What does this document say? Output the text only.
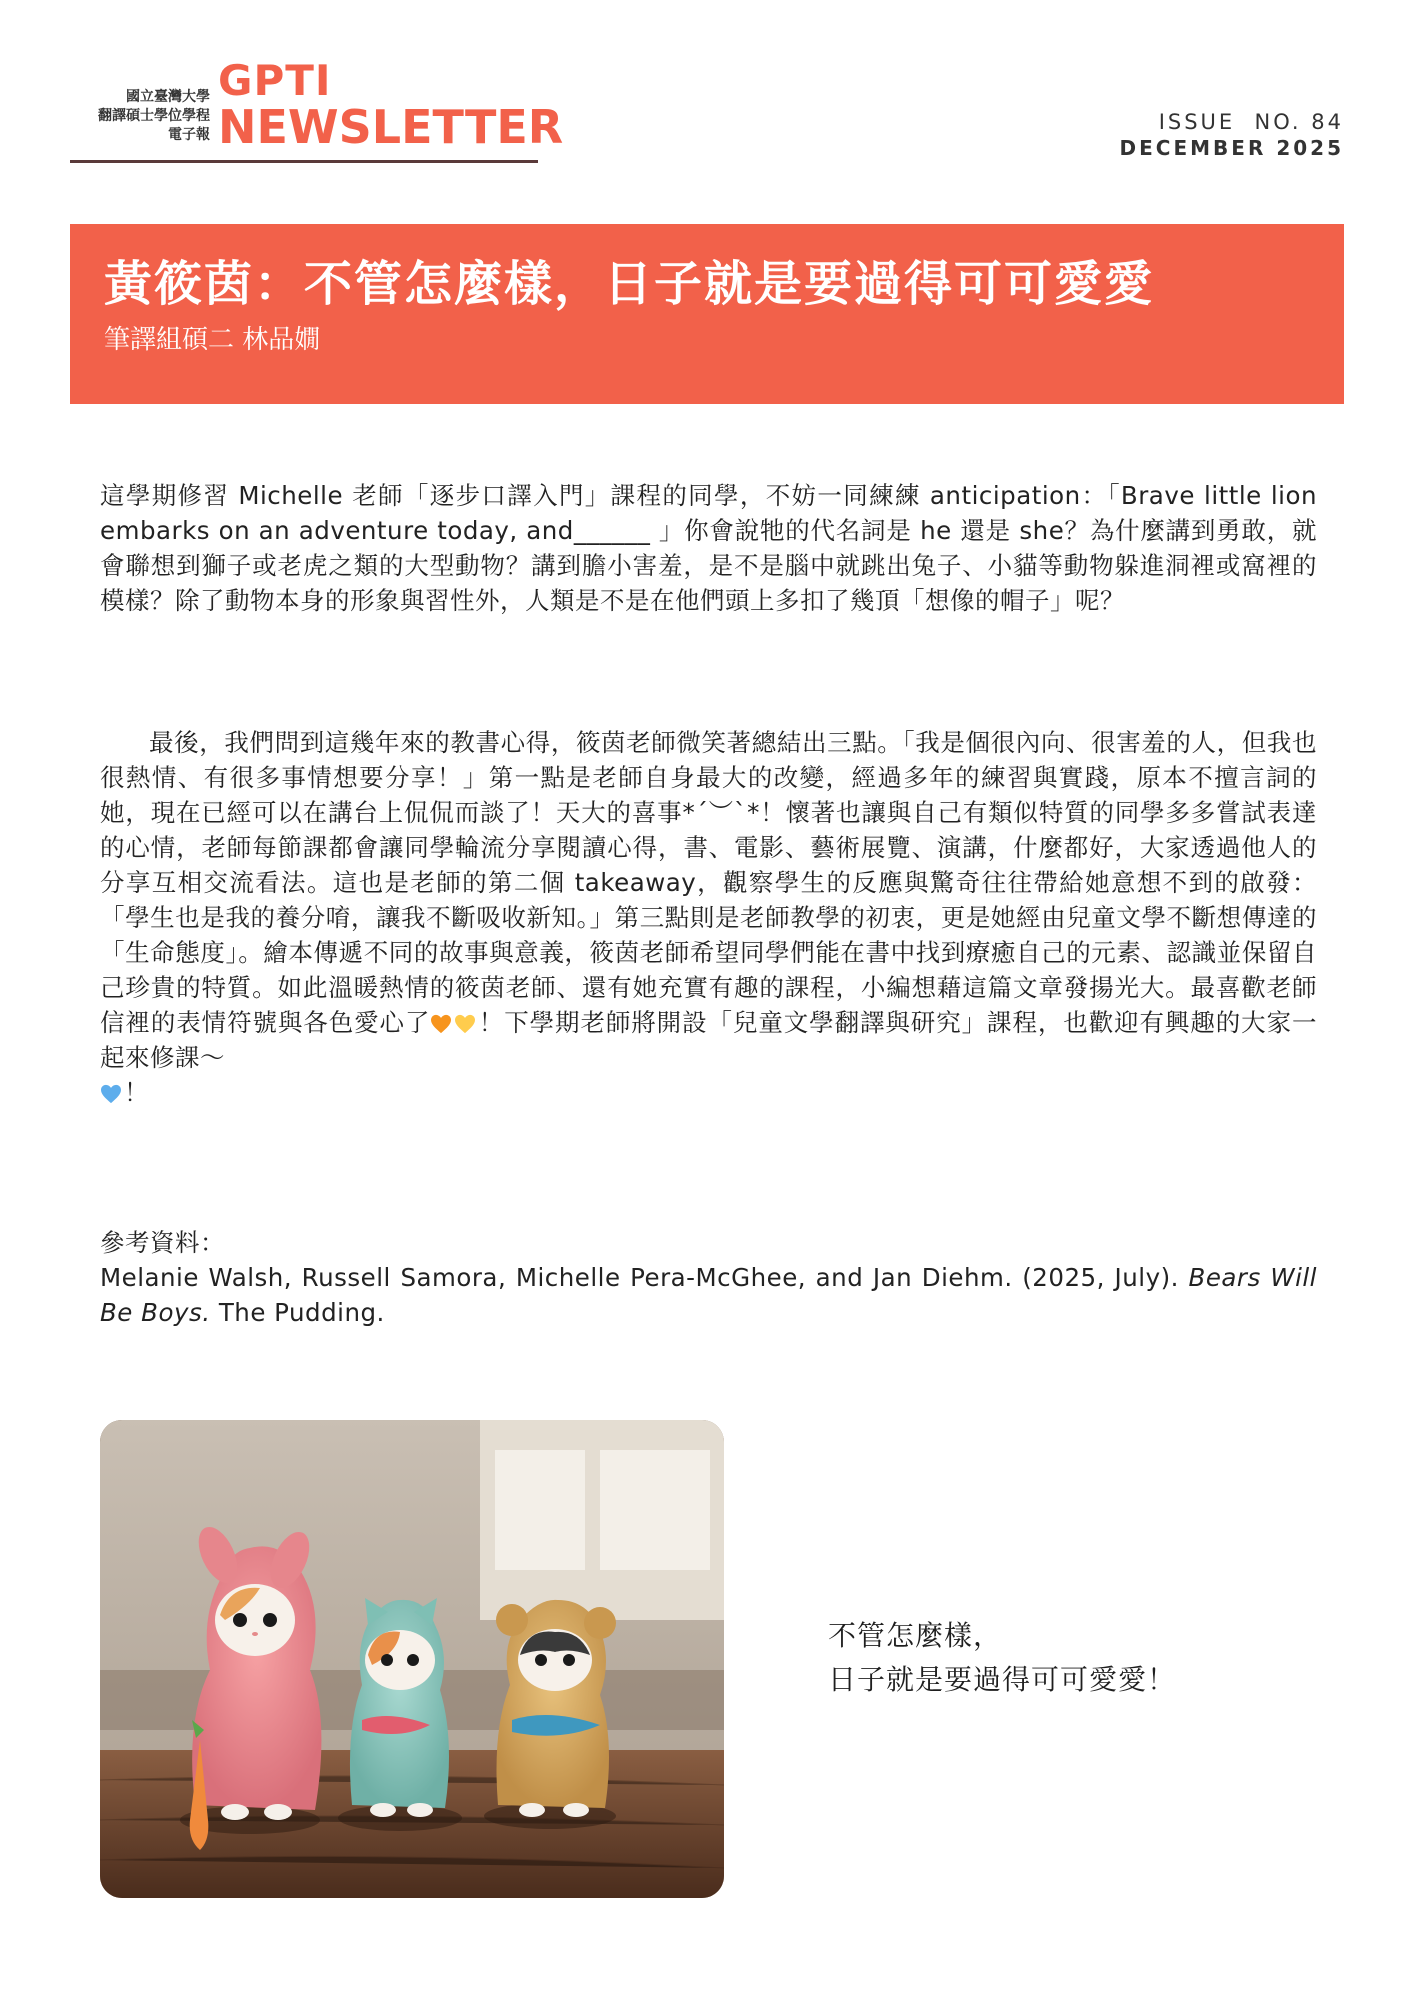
國立臺灣大學
翻譯碩士學位學程
電子報
GPTI
NEWSLETTER	ISSUE  NO. 84
DECEMBER 2025
黃筱茵：不管怎麼樣，日子就是要過得可可愛愛
筆譯組碩二 林品嫺
這學期修習 Michelle 老師「逐步口譯入門」課程的同學，不妨一同練練 anticipation：「Brave little lion embarks on an adventure today, and______ 」你會說牠的代名詞是 he 還是 she？為什麼講到勇敢，就會聯想到獅子或老虎之類的大型動物？講到膽小害羞，是不是腦中就跳出兔子、小貓等動物躲進洞裡或窩裡的模樣？除了動物本身的形象與習性外，人類是不是在他們頭上多扣了幾頂「想像的帽子」呢？
最後，我們問到這幾年來的教書心得，筱茵老師微笑著總結出三點。「我是個很內向、很害羞的人，但我也很熱情、有很多事情想要分享！」第一點是老師自身最大的改變，經過多年的練習與實踐，原本不擅言詞的她，現在已經可以在講台上侃侃而談了！天大的喜事*ˊ︶ˋ*！懷著也讓與自己有類似特質的同學多多嘗試表達的心情，老師每節課都會讓同學輪流分享閱讀心得，書、電影、藝術展覽、演講，什麼都好，大家透過他人的分享互相交流看法。這也是老師的第二個 takeaway，觀察學生的反應與驚奇往往帶給她意想不到的啟發：「學生也是我的養分唷，讓我不斷吸收新知。」第三點則是老師教學的初衷，更是她經由兒童文學不斷想傳達的「生命態度」。繪本傳遞不同的故事與意義，筱茵老師希望同學們能在書中找到療癒自己的元素、認識並保留自己珍貴的特質。如此溫暖熱情的筱茵老師、還有她充實有趣的課程，小編想藉這篇文章發揚光大。最喜歡老師信裡的表情符號與各色愛心了 ！下學期老師將開設「兒童文學翻譯與研究」課程，也歡迎有興趣的大家一起來修課～
！
參考資料：
Melanie Walsh, Russell Samora, Michelle Pera-McGhee, and Jan Diehm. (2025, July). Bears Will Be Boys. The Pudding.
不管怎麼樣，
日子就是要過得可可愛愛！
